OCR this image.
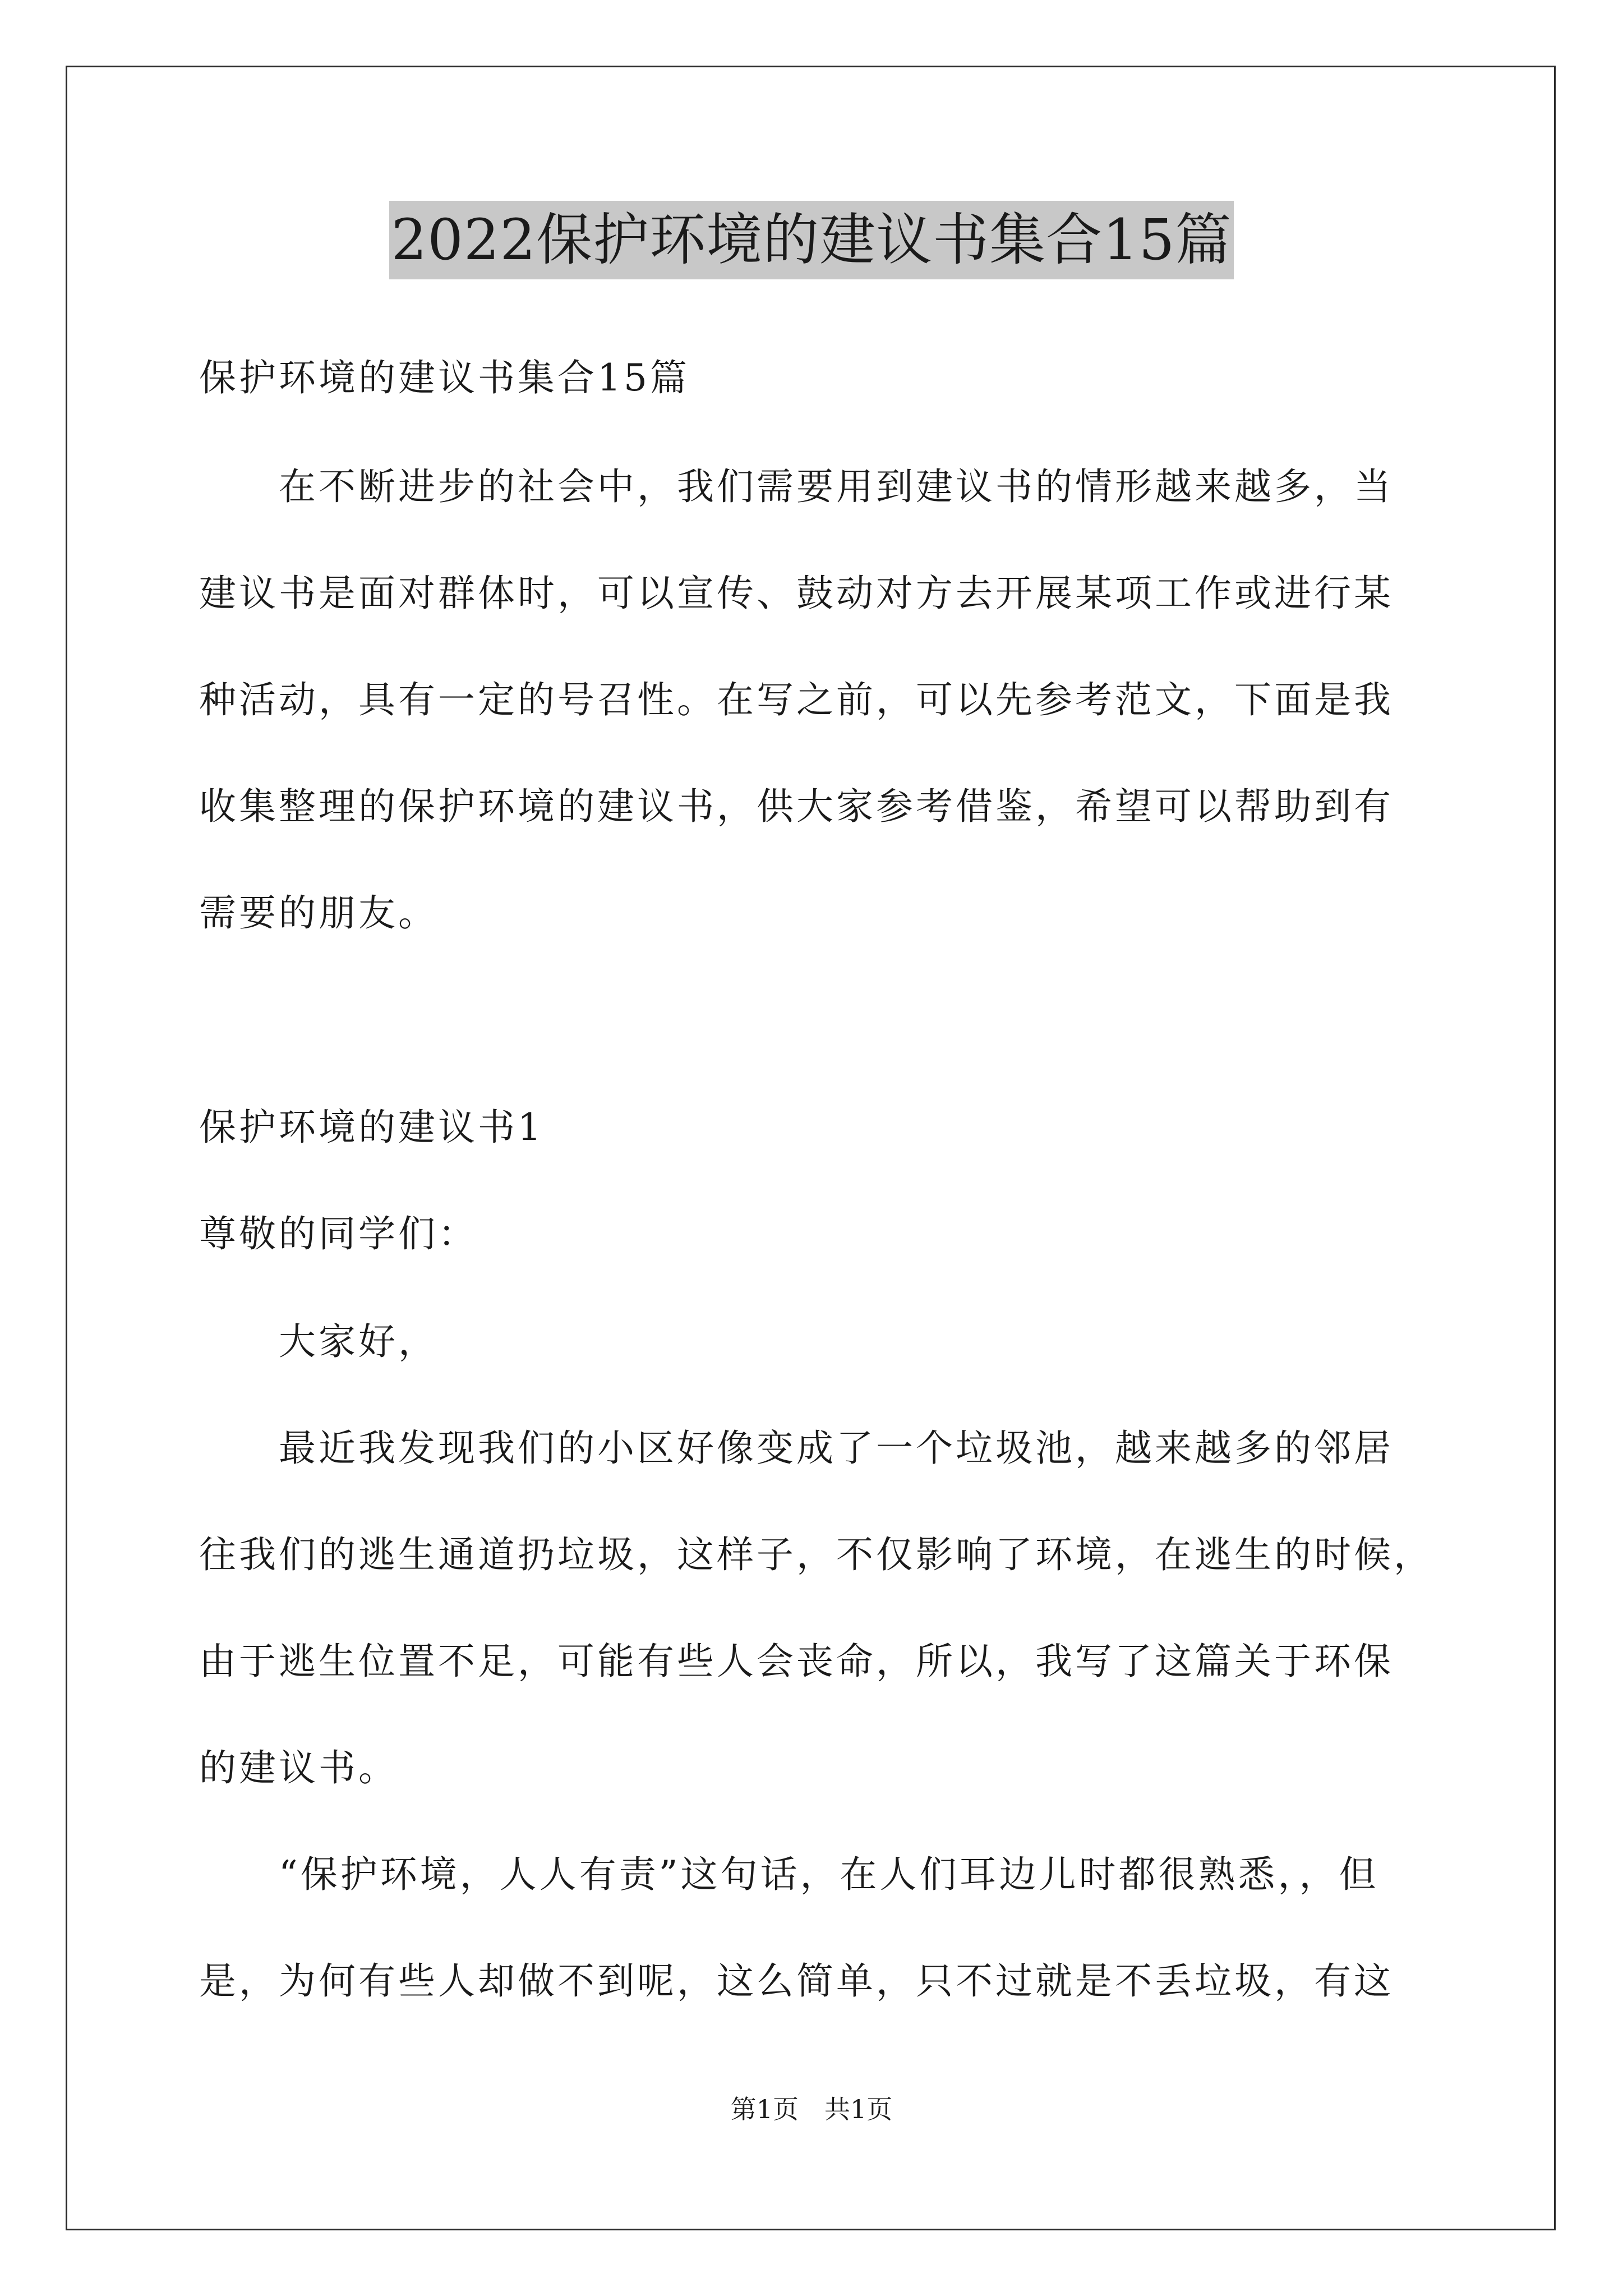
2022保护环境的建议书集合15篇
保护环境的建议书集合15篇
　　在不断进步的社会中，我们需要用到建议书的情形越来越多，当
建议书是面对群体时，可以宣传、鼓动对方去开展某项工作或进行某
种活动，具有一定的号召性。在写之前，可以先参考范文，下面是我
收集整理的保护环境的建议书，供大家参考借鉴，希望可以帮助到有
需要的朋友。
保护环境的建议书1
尊敬的同学们：
　　大家好，
　　最近我发现我们的小区好像变成了一个垃圾池，越来越多的邻居
往我们的逃生通道扔垃圾，这样子，不仅影响了环境，在逃生的时候，
由于逃生位置不足，可能有些人会丧命，所以，我写了这篇关于环保
的建议书。
　　“保护环境，人人有责”这句话，在人们耳边儿时都很熟悉，，但
是，为何有些人却做不到呢，这么简单，只不过就是不丢垃圾，有这
第1页　共1页
